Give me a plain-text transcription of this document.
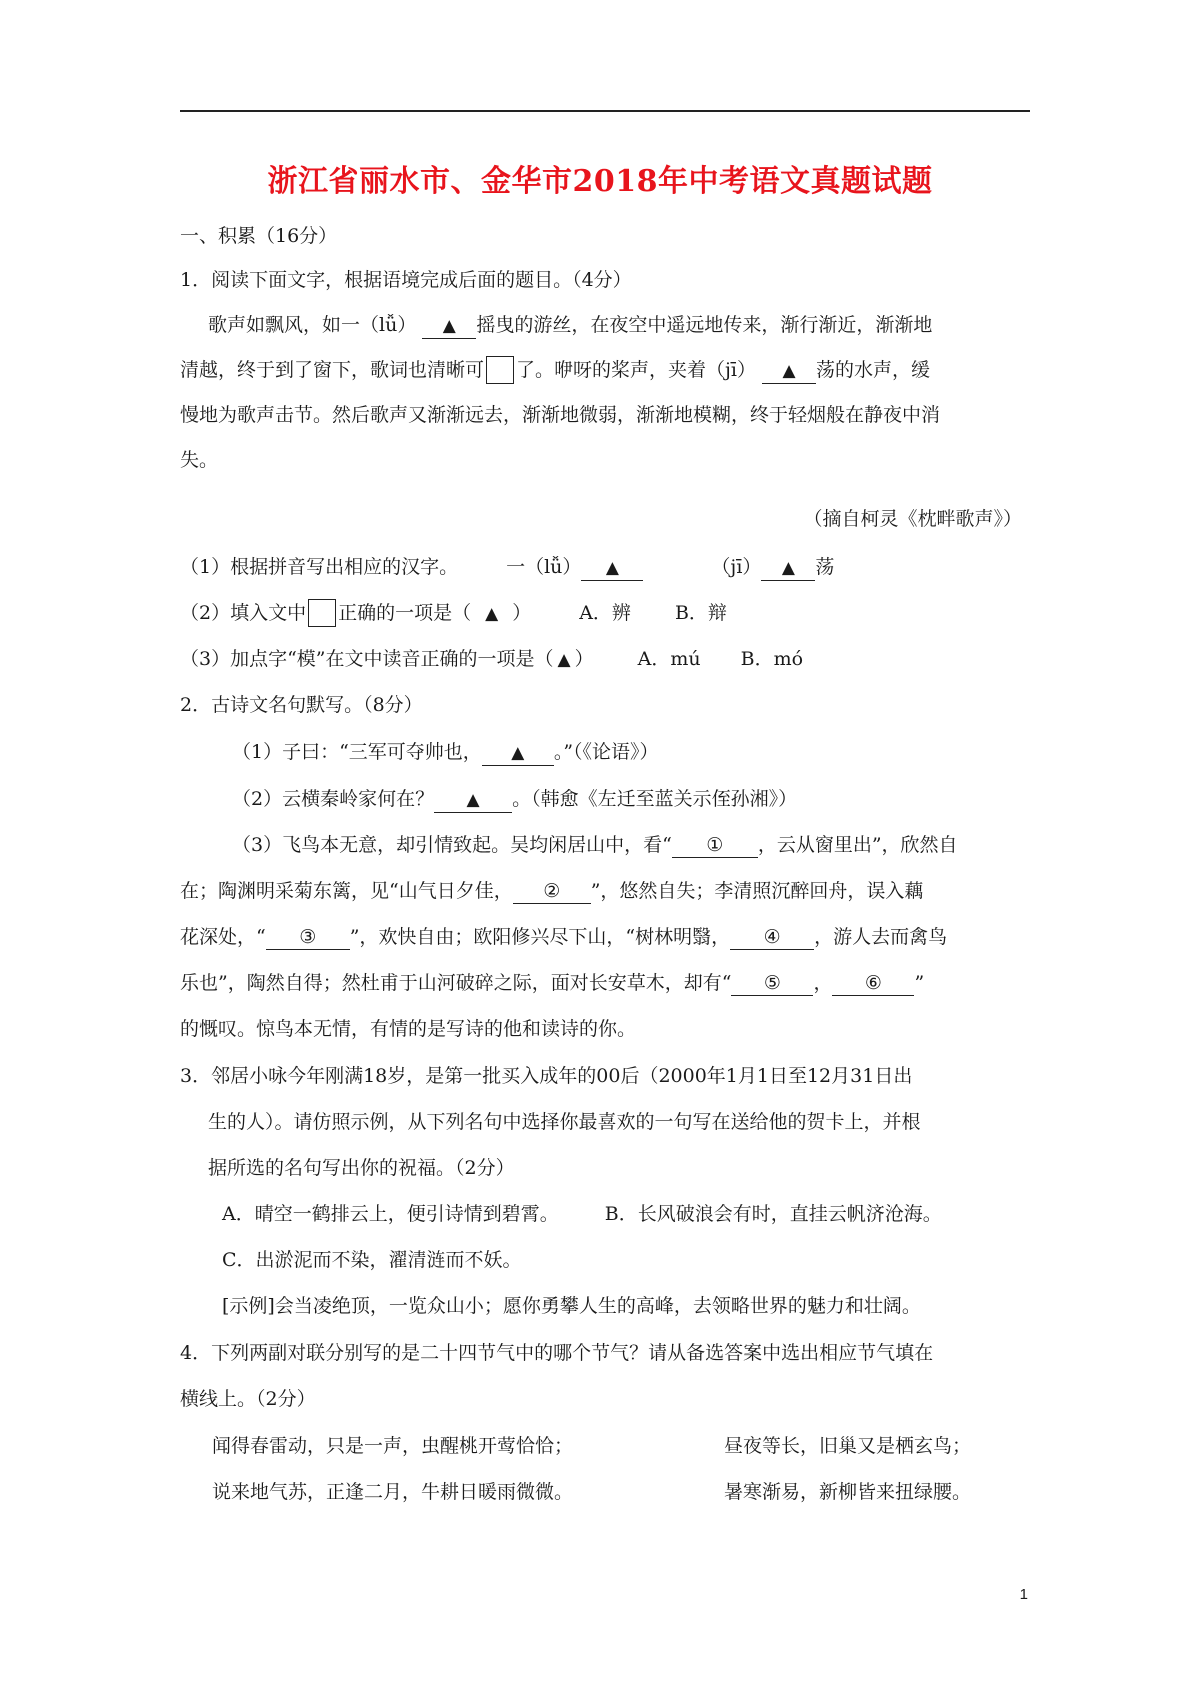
浙江省丽水市、金华市2018年中考语文真题试题
一、积累（16分）
1．阅读下面文字，根据语境完成后面的题目。（4分）
歌声如飘风，如一（lǚ） ▲ 摇曳的游丝，在夜空中遥远地传来，渐行渐近，渐渐地
清越，终于到了窗下，歌词也清晰可 了。咿呀的桨声，夹着（jī） ▲ 荡的水声，缓
慢地为歌声击节。然后歌声又渐渐远去，渐渐地微弱，渐渐地模糊，终于轻烟般在静夜中消
失。
（摘自柯灵《枕畔歌声》）
（1）根据拼音写出相应的汉字。	一（lǚ） ▲	（jī） ▲ 荡
（2）填入文中 正确的一项是（ ▲ ）	A．辨 B．辩
（3）加点字“模”在文中读音正确的一项是（ ▲ ） A．mú B．mó
2．古诗文名句默写。（8分）
（1）子曰：“三军可夺帅也， ▲ 。”（《论语》）
（2）云横秦岭家何在？ ▲ 。（韩愈《左迁至蓝关示侄孙湘》）
（3）飞鸟本无意，却引情致起。吴均闲居山中，看“ ① ，云从窗里出”，欣然自
在；陶渊明采菊东篱，见“山气日夕佳， ② ”，悠然自失；李清照沉醉回舟，误入藕
花深处，“ ③ ”，欢快自由；欧阳修兴尽下山，“树林明翳， ④ ，游人去而禽鸟
乐也”，陶然自得；然杜甫于山河破碎之际，面对长安草木，却有“ ⑤ ， ⑥ ”
的慨叹。惊鸟本无情，有情的是写诗的他和读诗的你。
3．邻居小咏今年刚满18岁，是第一批买入成年的00后（2000年1月1日至12月31日出
生的人）。请仿照示例，从下列名句中选择你最喜欢的一句写在送给他的贺卡上，并根
据所选的名句写出你的祝福。（2分）
A．晴空一鹤排云上，便引诗情到碧霄。 B．长风破浪会有时，直挂云帆济沧海。
C．出淤泥而不染，濯清涟而不妖。
[示例]会当凌绝顶，一览众山小；愿你勇攀人生的高峰，去领略世界的魅力和壮阔。
4．下列两副对联分别写的是二十四节气中的哪个节气？请从备选答案中选出相应节气填在
横线上。（2分）
闻得春雷动，只是一声，虫醒桃开莺恰恰；
说来地气苏，正逢二月，牛耕日暖雨微微。
昼夜等长，旧巢又是栖玄鸟；
暑寒渐易，新柳皆来扭绿腰。
1
